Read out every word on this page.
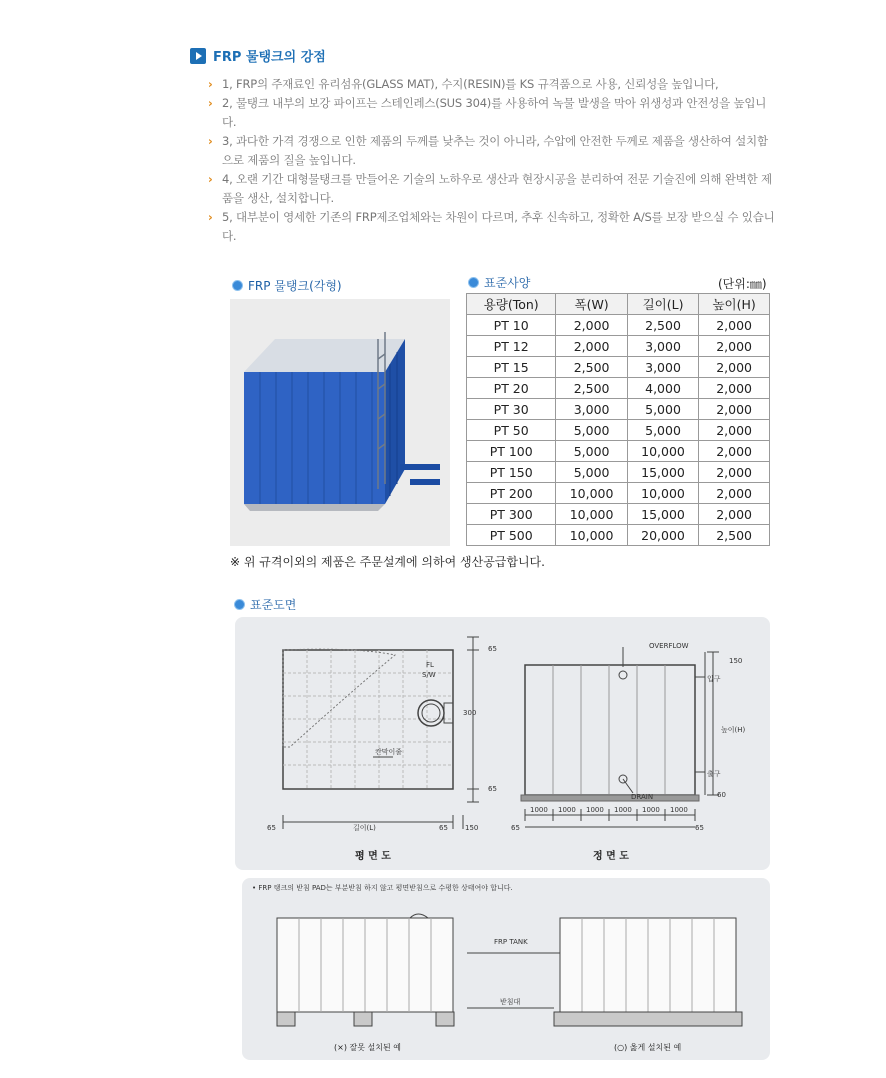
FRP 물탱크의 강점
› 1, FRP의 주재료인 유리섬유(GLASS MAT), 수지(RESIN)를 KS 규격품으로 사용, 신뢰성을 높입니다,
› 2, 물탱크 내부의 보강 파이프는 스테인레스(SUS 304)를 사용하여 녹물 발생을 막아 위생성과 안전성을 높입니다.
› 3, 과다한 가격 경쟁으로 인한 제품의 두께를 낮추는 것이 아니라, 수압에 안전한 두께로 제품을 생산하여 설치함으로 제품의 질을 높입니다.
› 4, 오랜 기간 대형물탱크를 만들어온 기술의 노하우로 생산과 현장시공을 분리하여 전문 기술진에 의해 완벽한 제품을 생산, 설치합니다.
› 5, 대부분이 영세한 기존의 FRP제조업체와는 차원이 다르며, 추후 신속하고, 정확한 A/S를 보장 받으실 수 있습니다.
FRP 물탱크(각형)	표준사양	(단위:㎜)
용량(Ton)	폭(W)	길이(L)	높이(H)
PT 10	2,000	2,500	2,000
PT 12	2,000	3,000	2,000
PT 15	2,500	3,000	2,000
PT 20	2,500	4,000	2,000
PT 30	3,000	5,000	2,000
PT 50	5,000	5,000	2,000
PT 100	5,000	10,000	2,000
PT 150	5,000	15,000	2,000
PT 200	10,000	10,000	2,000
PT 300	10,000	15,000	2,000
PT 500	10,000	20,000	2,500
※ 위 규격이외의 제품은 주문설계에 의하여 생산공급합니다.
표준도면
FL
S/W
300
65
65
65	65 150
길이(L)
칸막이줄
OVERFLOW
DRAIN
입구
출구
높이(H)
150
60
65	65
1000 1000 1000 1000 1000 1000
평 면 도	정 면 도
• FRP 탱크의 받침 PAD는 부분받침 하지 않고 평면받침으로 수평한 상태여야 합니다.
FRP TANK
받침대
(×) 잘못 설치된 예	(○) 옳게 설치된 예
